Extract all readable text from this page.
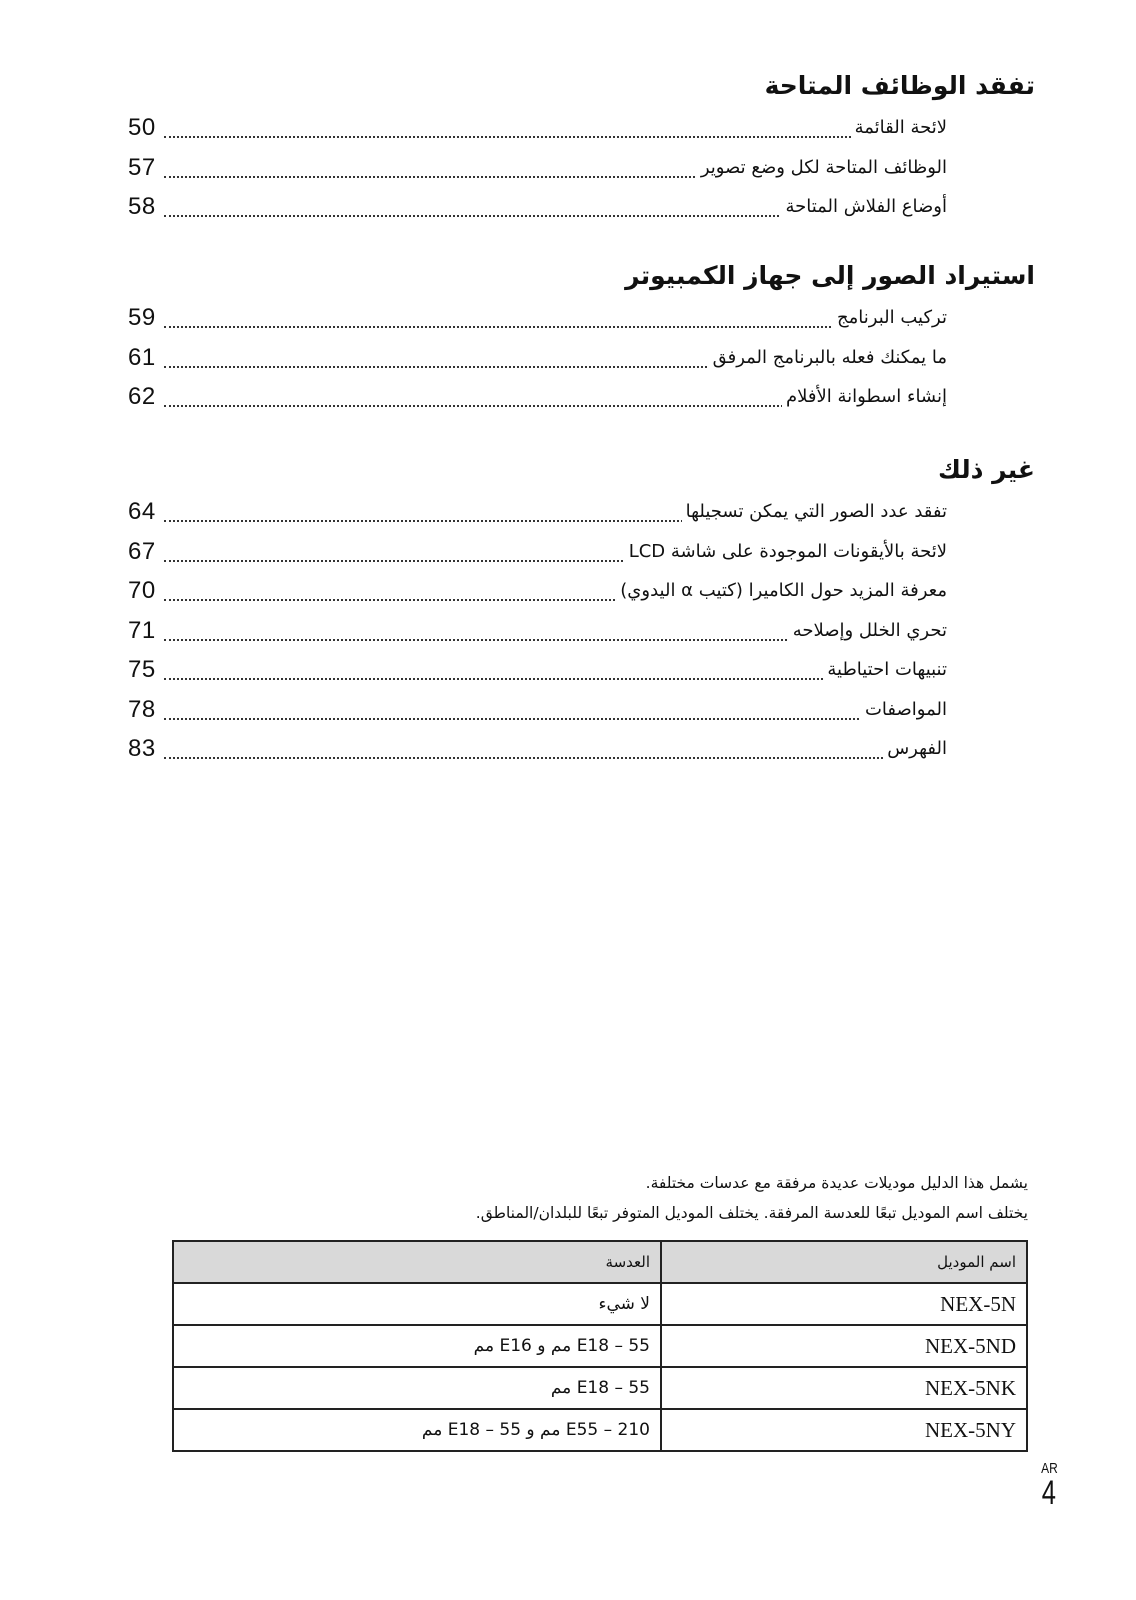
تفقد الوظائف المتاحة
50	لائحة القائمة
57	الوظائف المتاحة لكل وضع تصوير
58	أوضاع الفلاش المتاحة
استيراد الصور إلى جهاز الكمبيوتر
59	تركيب البرنامج
61	ما يمكنك فعله بالبرنامج المرفق
62	إنشاء اسطوانة الأفلام
غير ذلك
64	تفقد عدد الصور التي يمكن تسجيلها
67	لائحة بالأيقونات الموجودة على شاشة LCD
70	معرفة المزيد حول الكاميرا (كتيب α اليدوي)
71	تحري الخلل وإصلاحه
75	تنبيهات احتياطية
78	المواصفات
83	الفهرس
يشمل هذا الدليل موديلات عديدة مرفقة مع عدسات مختلفة.
يختلف اسم الموديل تبعًا للعدسة المرفقة. يختلف الموديل المتوفر تبعًا للبلدان/المناطق.
اسم الموديل	العدسة
NEX-5N	لا شيء
NEX-5ND	E18 – 55 مم و E16 مم
NEX-5NK	E18 – 55 مم
NEX-5NY	E55 – 210 مم و E18 – 55 مم
AR
4
